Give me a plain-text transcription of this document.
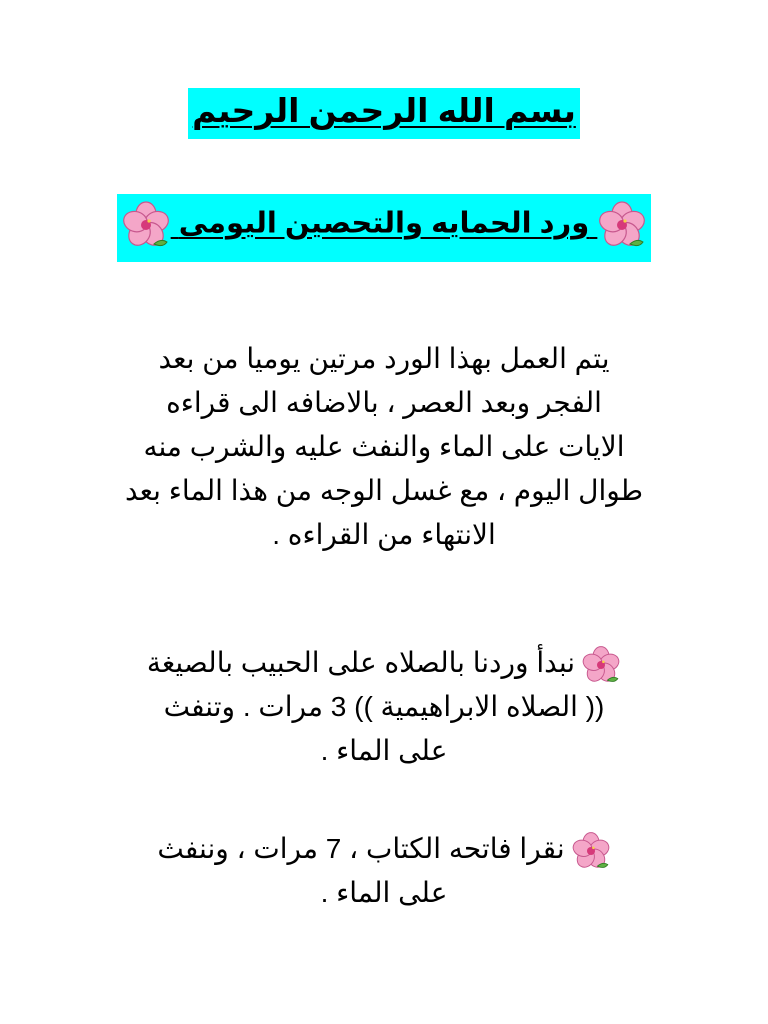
بسم الله الرحمن الرحيم
ورد الحمايه والتحصين اليومى
يتم العمل بهذا الورد مرتين يوميا من بعد
الفجر وبعد العصر ، بالاضافه الى قراءه
الايات على الماء والنفث عليه والشرب منه
طوال اليوم ، مع غسل الوجه من هذا الماء بعد
الانتهاء من القراءه .
نبدأ وردنا بالصلاه على الحبيب بالصيغة
(( الصلاه الابراهيمية )) 3 مرات . وتنفث
على الماء .
نقرا فاتحه الكتاب ، 7 مرات ، وننفث
على الماء .
